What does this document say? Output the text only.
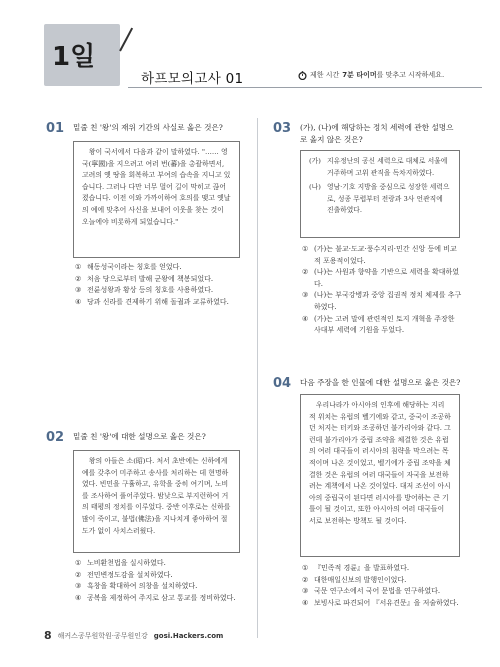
1일
하프모의고사 01	제한 시간 7분 타이머 를 맞추고 시작하세요.
01 밑줄 친 '왕'의 재위 기간의 사실로 옳은 것은?

왕이 국서에서 다음과 같이 말하였다. "…… 영국(寧國)을 지으려고 여러 번(蕃)을 총괄하면서, 고려의 옛 땅을 회복하고 부여의 습속을 지니고 있습니다. 그러나 다만 너무 멀어 길이 막히고 끊어졌습니다. 이전 이와 가까이하여 호의를 맺고 옛날의 예에 맞추어 사신을 보내어 이웃을 찾는 것이 오늘에야 비롯하게 되었습니다."

① 해동성국이라는 칭호를 얻었다.
② 처음 당으로부터 발해 군왕에 책봉되었다.
③ 전륜성왕과 황상 등의 칭호를 사용하였다.
④ 당과 신라를 견제하기 위해 돌궐과 교류하였다.
02 밑줄 친 '왕'에 대한 설명으로 옳은 것은?

왕의 아들은 소(昭)다. 처서 초반에는 신하에게 예를 갖추어 미주하고 송사를 처리하는 데 현명하였다. 빈민을 구휼하고, 유학을 중히 여기며, 노비를 조사하여 풀어주었다. 밤낮으로 부지런하여 거의 태평의 정치를 이루었다. 중반 이후로는 신하를 많이 죽이고, 불법(佛法)을 지나치게 좋아하여 절도가 없이 사치스러웠다.

① 노비환천법을 실시하였다.
② 전민변정도감을 설치하였다.
③ 흑창을 확대하여 의창을 설치하였다.
④ 공복을 제정하여 주지로 삼고 통교를 정비하였다.
03 (가), (나)에 해당하는 정치 세력에 관한 설명으로 옳지 않은 것은?
(가) 지유정난의 공신 세력으로 대체로 서울에 거주하며 고위 관직을 독차지하였다.
(나) 영남·기호 지방을 중심으로 성장한 세력으로, 성종 무렵부터 전랑과 3사 언관직에 진출하였다.
① (가)는 불교·도교·풍수지리·민간 신앙 등에 비교적 포용적이었다.
② (나)는 사원과 향약을 기반으로 세력을 확대하였다.
③ (나)는 부국강병과 중앙 집권적 정치 체제를 추구하였다.
④ (가)는 고려 말에 관련적인 토지 개혁을 주장한 사대부 세력에 기원을 두었다.
04 다음 주장을 한 인물에 대한 설명으로 옳은 것은?

우리나라가 아시아의 인후에 해당하는 지리적 위치는 유럽의 벨기에와 같고, 중국이 조공하던 처지는 터키와 조공하던 불가리아와 같다. 그런데 불가리아가 중립 조약을 체결한 것은 유럽의 여러 대국들이 러시아의 침략을 막으려는 목적이며 나온 것이었고, 벨기에가 중립 조약을 체결한 것은 유럽의 여러 대국들이 자국을 보전하려는 계책에서 나온 것이었다. 대저 조선이 아시아의 중립국이 된다면 러시아를 방어하는 큰 기틀이 될 것이고, 또한 아시아의 여러 대국들이 서로 보전하는 방책도 될 것이다.

① 『민족적 경륜』을 발표하였다.
② 대한매일신보의 발행인이었다.
③ 국문 연구소에서 국어 문법을 연구하였다.
④ 보빙사로 파견되어 『서유견문』을 저술하였다.
8 해커스공무원학원·공무원인강 gosi.Hackers.com
